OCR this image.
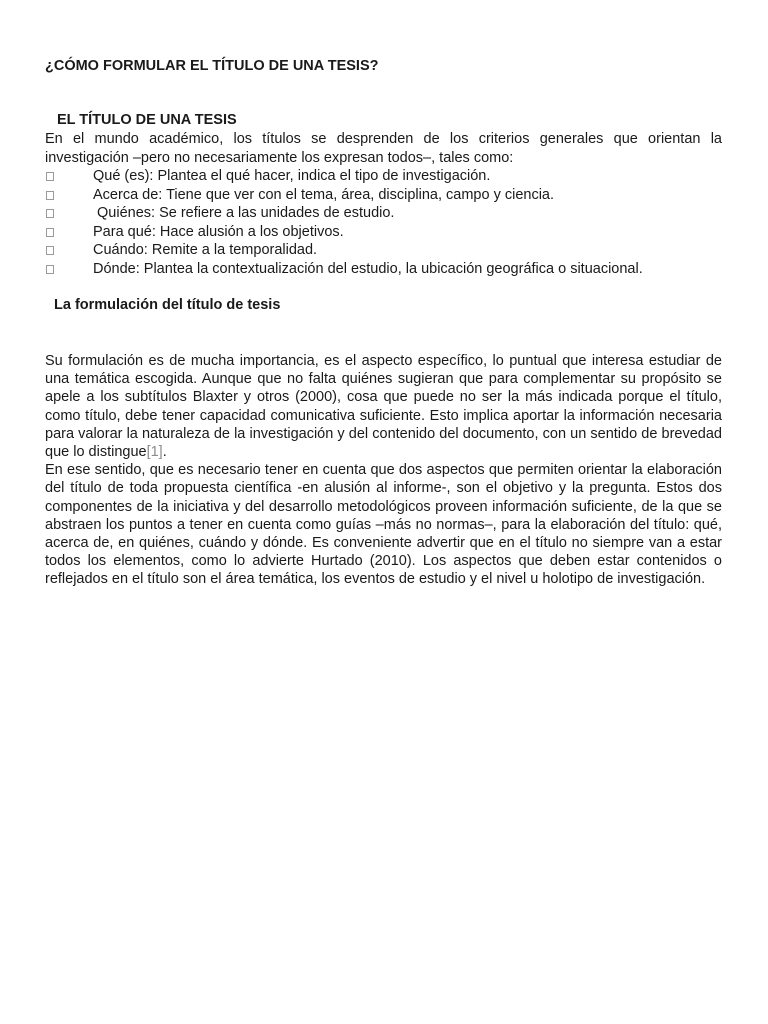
¿CÓMO FORMULAR EL TÍTULO DE UNA TESIS?
EL TÍTULO DE UNA TESIS

En el mundo académico, los títulos se desprenden de los criterios generales que orientan la investigación –pero no necesariamente los expresan todos–, tales como:

Qué (es): Plantea el qué hacer, indica el tipo de investigación.
Acerca de: Tiene que ver con el tema, área, disciplina, campo y ciencia.
Quiénes: Se refiere a las unidades de estudio.
Para qué: Hace alusión a los objetivos.
Cuándo: Remite a la temporalidad.
Dónde: Plantea la contextualización del estudio, la ubicación geográfica o situacional.
La formulación del título de tesis

Su formulación es de mucha importancia, es el aspecto específico, lo puntual que interesa estudiar de una temática escogida. Aunque que no falta quiénes sugieran que para complementar su propósito se apele a los subtítulos Blaxter y otros (2000), cosa que puede no ser la más indicada porque el título, como título, debe tener capacidad comunicativa suficiente. Esto implica aportar la información necesaria para valorar la naturaleza de la investigación y del contenido del documento, con un sentido de brevedad que lo distingue[1].

En ese sentido, que es necesario tener en cuenta que dos aspectos que permiten orientar la elaboración del título de toda propuesta científica -en alusión al informe-, son el objetivo y la pregunta. Estos dos componentes de la iniciativa y del desarrollo metodológicos proveen información suficiente, de la que se abstraen los puntos a tener en cuenta como guías –más no normas–, para la elaboración del título: qué, acerca de, en quiénes, cuándo y dónde. Es conveniente advertir que en el título no siempre van a estar todos los elementos, como lo advierte Hurtado (2010). Los aspectos que deben estar contenidos o reflejados en el título son el área temática, los eventos de estudio y el nivel u holotipo de investigación.
